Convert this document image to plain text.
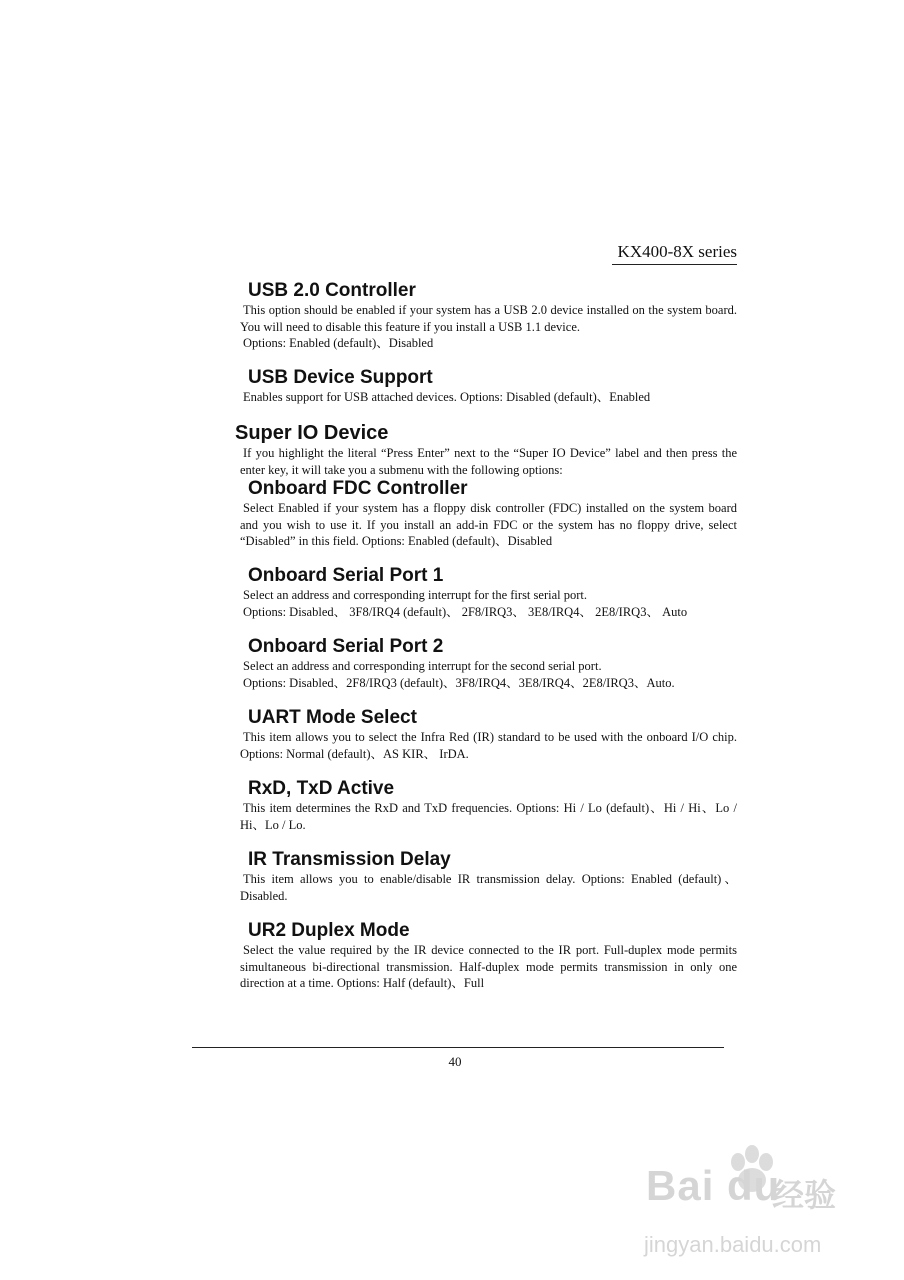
KX400-8X series
USB 2.0 Controller

This option should be enabled if your system has a USB 2.0 device installed on the system board. You will need to disable this feature if you install a USB 1.1 device.

Options: Enabled (default)、Disabled

USB Device Support

Enables support for USB attached devices. Options: Disabled (default)、Enabled

Super IO Device

If you highlight the literal “Press Enter” next to the “Super IO Device” label and then press the enter key, it will take you a submenu with the following options:

Onboard FDC Controller

Select Enabled if your system has a floppy disk controller (FDC) installed on the system board and you wish to use it. If you install an add-in FDC or the system has no floppy drive, select “Disabled” in this field. Options: Enabled (default)、Disabled

Onboard Serial Port 1

Select an address and corresponding interrupt for the first serial port.

Options: Disabled、 3F8/IRQ4 (default)、 2F8/IRQ3、 3E8/IRQ4、 2E8/IRQ3、 Auto

Onboard Serial Port 2

Select an address and corresponding interrupt for the second serial port.

Options: Disabled、2F8/IRQ3 (default)、3F8/IRQ4、3E8/IRQ4、2E8/IRQ3、Auto.

UART Mode Select

This item allows you to select the Infra Red (IR) standard to be used with the onboard I/O chip. Options: Normal (default)、AS KIR、 IrDA.

RxD, TxD Active

This item determines the RxD and TxD frequencies. Options: Hi / Lo (default)、Hi / Hi、Lo / Hi、Lo / Lo.

IR Transmission Delay

This item allows you to enable/disable IR transmission delay. Options: Enabled (default)、Disabled.

UR2 Duplex Mode

Select the value required by the IR device connected to the IR port. Full-duplex mode permits simultaneous bi-directional transmission. Half-duplex mode permits transmission in only one direction at a time. Options: Half (default)、Full

40
Bai du
经验
jingyan.baidu.com
